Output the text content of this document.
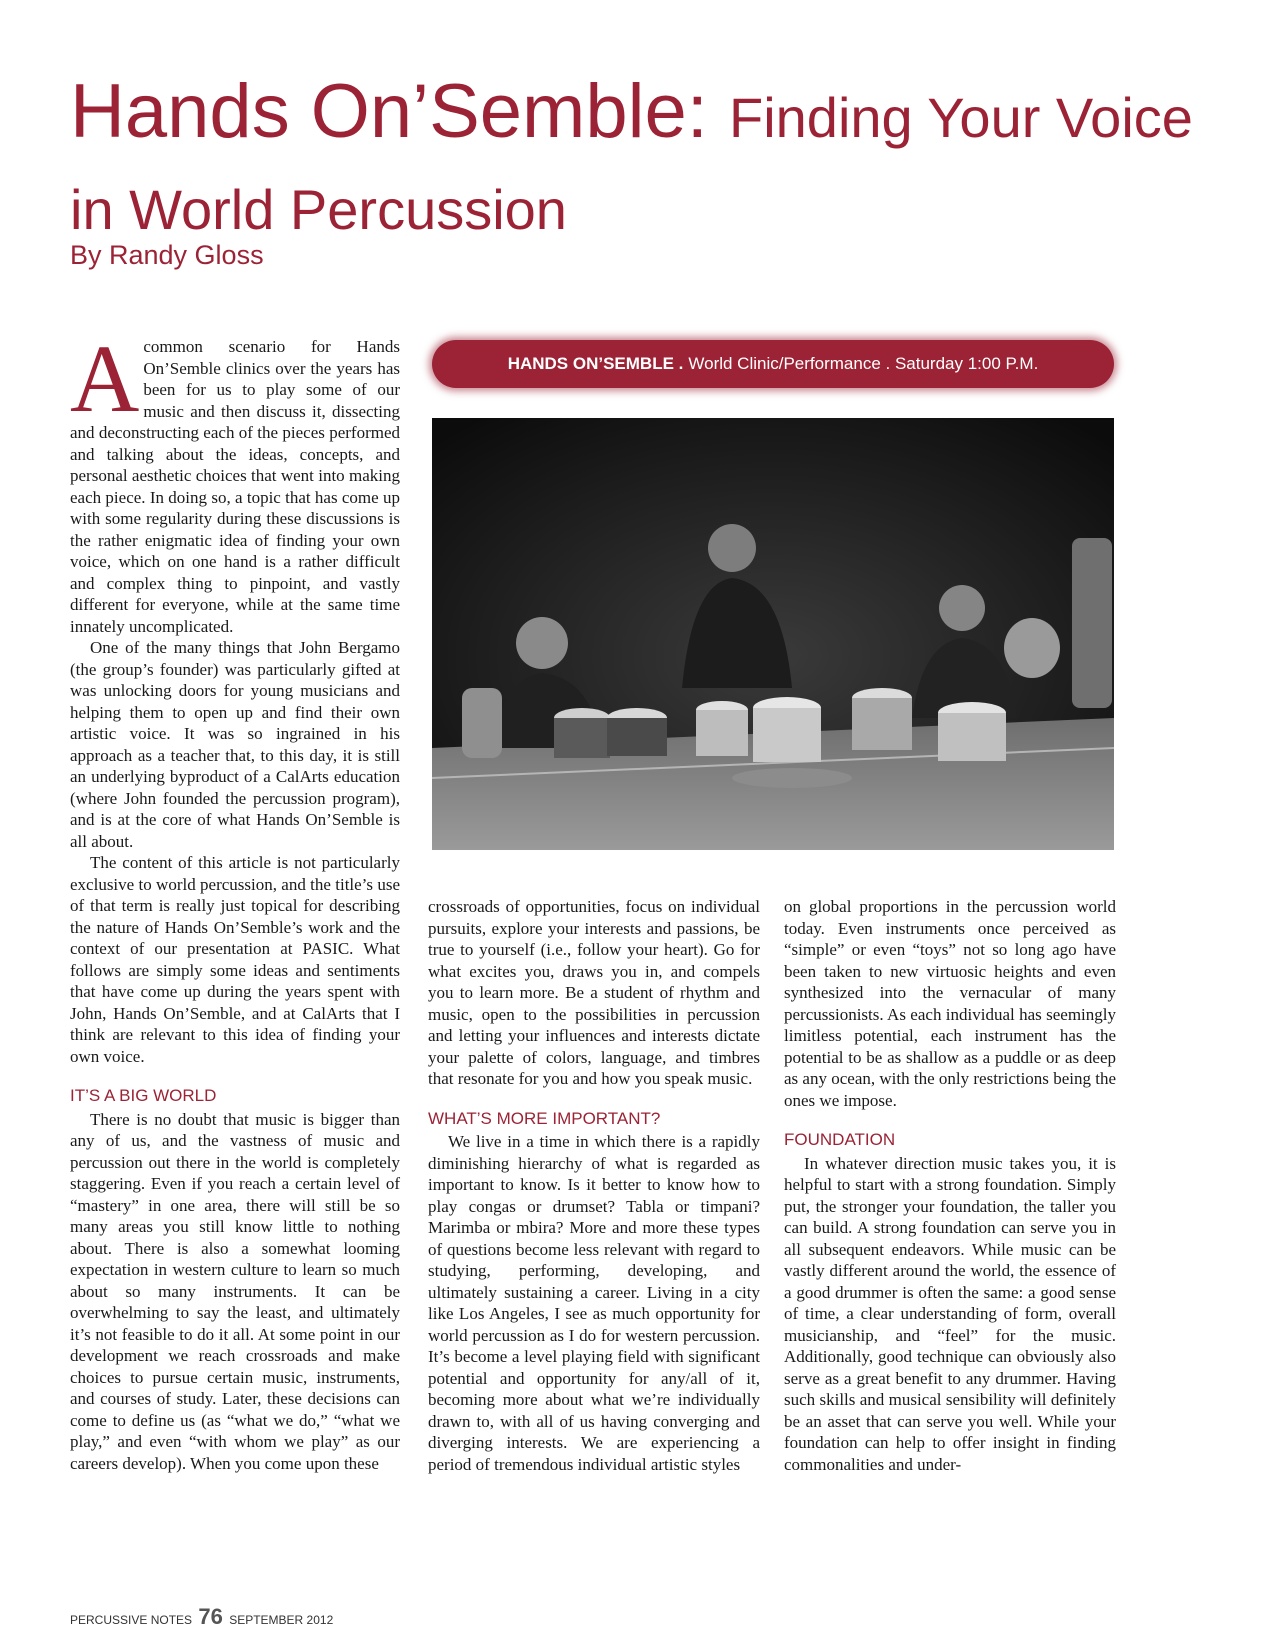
Hands On’Semble: Finding Your Voice in World Percussion
By Randy Gloss

Acommon scenario for Hands On’Semble clinics over the years has been for us to play some of our music and then discuss it, dissecting and deconstructing each of the pieces performed and talking about the ideas, concepts, and personal aesthetic choices that went into making each piece. In doing so, a topic that has come up with some regularity during these discussions is the rather enigmatic idea of finding your own voice, which on one hand is a rather difficult and complex thing to pinpoint, and vastly different for everyone, while at the same time innately uncomplicated.

One of the many things that John Bergamo (the group’s founder) was particularly gifted at was unlocking doors for young musicians and helping them to open up and find their own artistic voice. It was so ingrained in his approach as a teacher that, to this day, it is still an underlying byproduct of a CalArts education (where John founded the percussion program), and is at the core of what Hands On’Semble is all about.

The content of this article is not particularly exclusive to world percussion, and the title’s use of that term is really just topical for describing the nature of Hands On’Semble’s work and the context of our presentation at PASIC. What follows are simply some ideas and sentiments that have come up during the years spent with John, Hands On’Semble, and at CalArts that I think are relevant to this idea of finding your own voice.

IT’S A BIG WORLD

There is no doubt that music is bigger than any of us, and the vastness of music and percussion out there in the world is completely staggering. Even if you reach a certain level of “mastery” in one area, there will still be so many areas you still know little to nothing about. There is also a somewhat looming expectation in western culture to learn so much about so many instruments. It can be overwhelming to say the least, and ultimately it’s not feasible to do it all. At some point in our development we reach crossroads and make choices to pursue certain music, instruments, and courses of study. Later, these decisions can come to define us (as “what we do,” “what we play,” and even “with whom we play” as our careers develop). When you come upon these

HANDS ON’SEMBLE . World Clinic/Performance . Saturday 1:00 P.M.

crossroads of opportunities, focus on individual pursuits, explore your interests and passions, be true to yourself (i.e., follow your heart). Go for what excites you, draws you in, and compels you to learn more. Be a student of rhythm and music, open to the possibilities in percussion and letting your influences and interests dictate your palette of colors, language, and timbres that resonate for you and how you speak music.

WHAT’S MORE IMPORTANT?

We live in a time in which there is a rapidly diminishing hierarchy of what is regarded as important to know. Is it better to know how to play congas or drumset? Tabla or timpani? Marimba or mbira? More and more these types of questions become less relevant with regard to studying, performing, developing, and ultimately sustaining a career. Living in a city like Los Angeles, I see as much opportunity for world percussion as I do for western percussion. It’s become a level playing field with significant potential and opportunity for any/all of it, becoming more about what we’re individually drawn to, with all of us having converging and diverging interests. We are experiencing a period of tremendous individual artistic styles

on global proportions in the percussion world today. Even instruments once perceived as “simple” or even “toys” not so long ago have been taken to new virtuosic heights and even synthesized into the vernacular of many percussionists. As each individual has seemingly limitless potential, each instrument has the potential to be as shallow as a puddle or as deep as any ocean, with the only restrictions being the ones we impose.

FOUNDATION

In whatever direction music takes you, it is helpful to start with a strong foundation. Simply put, the stronger your foundation, the taller you can build. A strong foundation can serve you in all subsequent endeavors. While music can be vastly different around the world, the essence of a good drummer is often the same: a good sense of time, a clear understanding of form, overall musicianship, and “feel” for the music. Additionally, good technique can obviously also serve as a great benefit to any drummer. Having such skills and musical sensibility will definitely be an asset that can serve you well. While your foundation can help to offer insight in finding commonalities and under-

PERCUSSIVE NOTES 76 SEPTEMBER 2012
